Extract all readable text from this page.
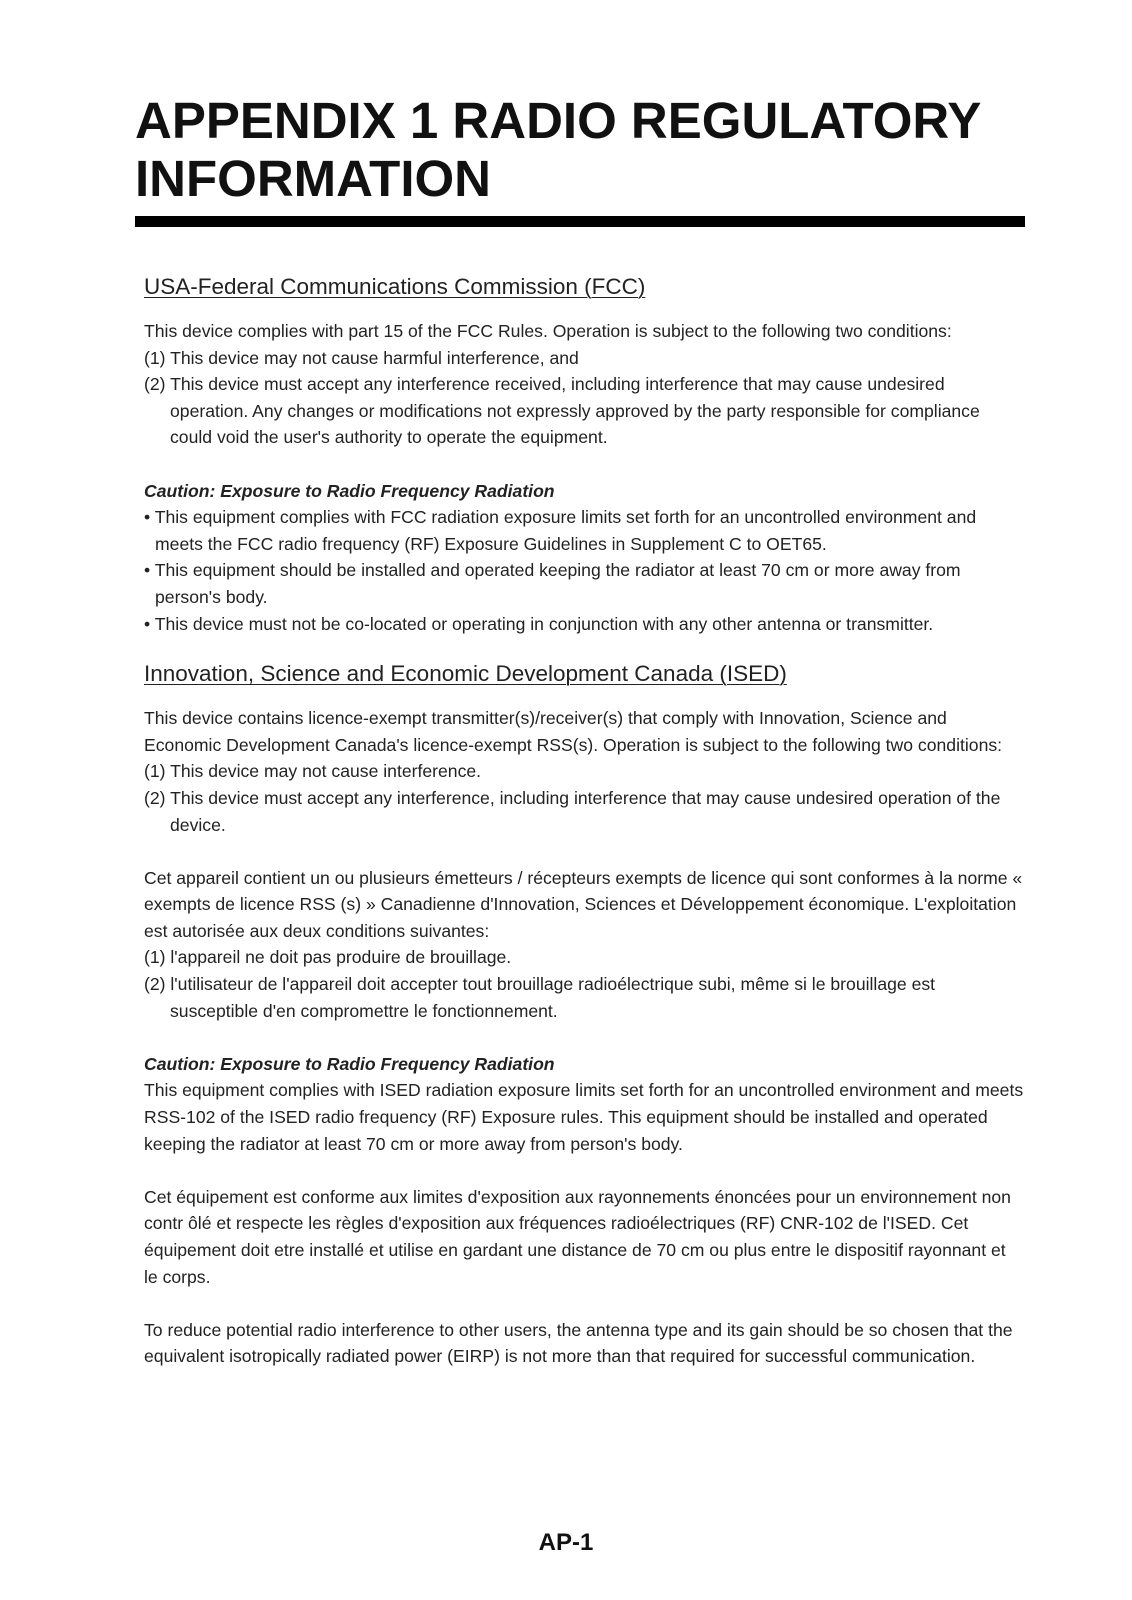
APPENDIX 1 RADIO REGULATORY INFORMATION
USA-Federal Communications Commission (FCC)

This device complies with part 15 of the FCC Rules. Operation is subject to the following two conditions:

(1) This device may not cause harmful interference, and
(2) This device must accept any interference received, including interference that may cause undesired operation. Any changes or modifications not expressly approved by the party responsible for compliance could void the user's authority to operate the equipment.

Caution: Exposure to Radio Frequency Radiation

• This equipment complies with FCC radiation exposure limits set forth for an uncontrolled environment and meets the FCC radio frequency (RF) Exposure Guidelines in Supplement C to OET65.
• This equipment should be installed and operated keeping the radiator at least 70 cm or more away from person's body.
• This device must not be co-located or operating in conjunction with any other antenna or transmitter.
Innovation, Science and Economic Development Canada (ISED)

This device contains licence-exempt transmitter(s)/receiver(s) that comply with Innovation, Science and Economic Development Canada's licence-exempt RSS(s). Operation is subject to the following two conditions:

(1) This device may not cause interference.
(2) This device must accept any interference, including interference that may cause undesired operation of the device.

Cet appareil contient un ou plusieurs émetteurs / récepteurs exempts de licence qui sont conformes à la norme « exempts de licence RSS (s) » Canadienne d'Innovation, Sciences et Développement économique. L'exploitation est autorisée aux deux conditions suivantes:

(1) l'appareil ne doit pas produire de brouillage.
(2) l'utilisateur de l'appareil doit accepter tout brouillage radioélectrique subi, même si le brouillage est susceptible d'en compromettre le fonctionnement.

Caution: Exposure to Radio Frequency Radiation

This equipment complies with ISED radiation exposure limits set forth for an uncontrolled environment and meets RSS-102 of the ISED radio frequency (RF) Exposure rules. This equipment should be installed and operated keeping the radiator at least 70 cm or more away from person's body.

Cet équipement est conforme aux limites d'exposition aux rayonnements énoncées pour un environnement non contr ôlé et respecte les règles d'exposition aux fréquences radioélectriques (RF) CNR-102 de l'ISED. Cet équipement doit etre installé et utilise en gardant une distance de 70 cm ou plus entre le dispositif rayonnant et le corps.

To reduce potential radio interference to other users, the antenna type and its gain should be so chosen that the equivalent isotropically radiated power (EIRP) is not more than that required for successful communication.

AP-1
